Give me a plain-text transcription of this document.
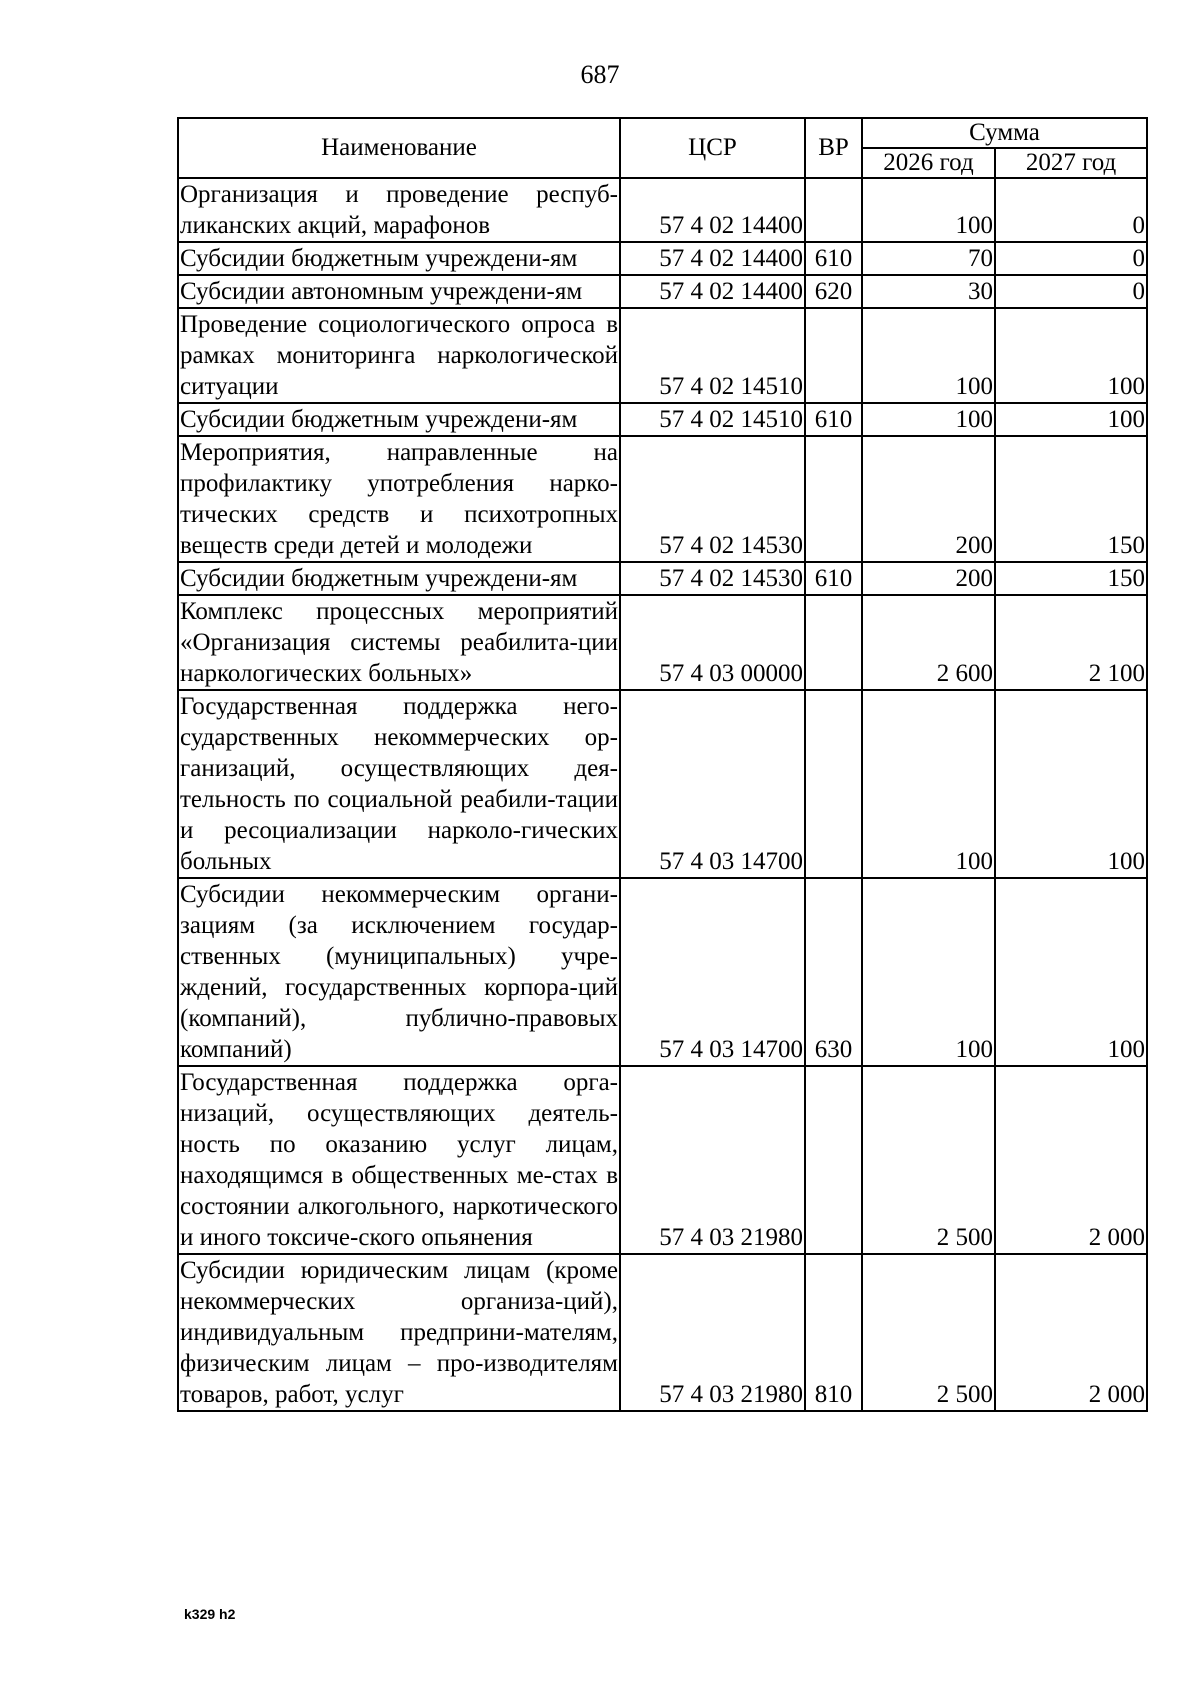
687
Наименование	ЦСР	ВР	Сумма	
			2026 год	2027 год
Организация и проведение респуб-ликанских акций, марафонов	57 4 02 14400		100	0
Субсидии бюджетным учреждени-ям	57 4 02 14400	610	70	0
Субсидии автономным учреждени-ям	57 4 02 14400	620	30	0
Проведение социологического опроса в рамках мониторинга наркологической ситуации	57 4 02 14510		100	100
Субсидии бюджетным учреждени-ям	57 4 02 14510	610	100	100
Мероприятия, направленные на профилактику употребления нарко-тических средств и психотропных веществ среди детей и молодежи	57 4 02 14530		200	150
Субсидии бюджетным учреждени-ям	57 4 02 14530	610	200	150
Комплекс процессных мероприятий «Организация системы реабилита-ции наркологических больных»	57 4 03 00000		2 600	2 100
Государственная поддержка него-сударственных некоммерческих ор-ганизаций, осуществляющих дея-тельность по социальной реабили-тации и ресоциализации нарколо-гических больных	57 4 03 14700		100	100
Субсидии некоммерческим органи-зациям (за исключением государ-ственных (муниципальных) учре-ждений, государственных корпора-ций (компаний), публично-правовых компаний)	57 4 03 14700	630	100	100
Государственная поддержка орга-низаций, осуществляющих деятель-ность по оказанию услуг лицам, находящимся в общественных ме-стах в состоянии алкогольного, наркотического и иного токсиче-ского опьянения	57 4 03 21980		2 500	2 000
Субсидии юридическим лицам (кроме некоммерческих организа-ций), индивидуальным предприни-мателям, физическим лицам – про-изводителям товаров, работ, услуг	57 4 03 21980	810	2 500	2 000
k329 h2
